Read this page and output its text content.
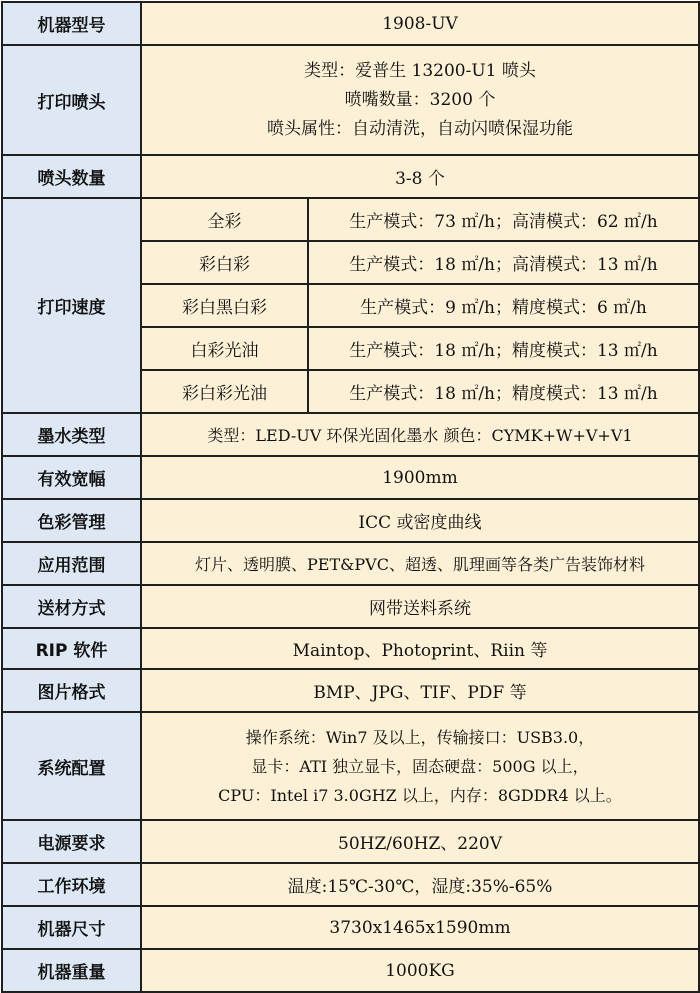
机器型号	1908-UV	
打印喷头	类型：爱普生 13200-U1 喷头
喷嘴数量：3200 个
喷头属性：自动清洗，自动闪喷保湿功能	

喷头数量	3-8 个	
打印速度	全彩	生产模式：73 ㎡/h；高清模式：62 ㎡/h
	彩白彩	生产模式：18 ㎡/h；高清模式：13 ㎡/h
	彩白黑白彩	生产模式：9 ㎡/h；精度模式：6 ㎡/h
	白彩光油	生产模式：18 ㎡/h；精度模式：13 ㎡/h
	彩白彩光油	生产模式：18 ㎡/h；精度模式：13 ㎡/h
墨水类型	类型：LED-UV 环保光固化墨水 颜色：CYMK+W+V+V1	
有效宽幅	1900mm	
色彩管理	ICC 或密度曲线	
应用范围	灯片、透明膜、PET&PVC、超透、肌理画等各类广告装饰材料	
送材方式	网带送料系统	
RIP 软件	Maintop、Photoprint、Riin 等	
图片格式	BMP、JPG、TIF、PDF 等	
系统配置	操作系统：Win7 及以上，传输接口：USB3.0，
显卡：ATI 独立显卡，固态硬盘：500G 以上，
CPU：Intel i7 3.0GHZ 以上，内存：8GDDR4 以上。	

电源要求	50HZ/60HZ、220V	
工作环境	温度:15℃-30℃，湿度:35%-65%	
机器尺寸	3730x1465x1590mm	
机器重量	1000KG	
